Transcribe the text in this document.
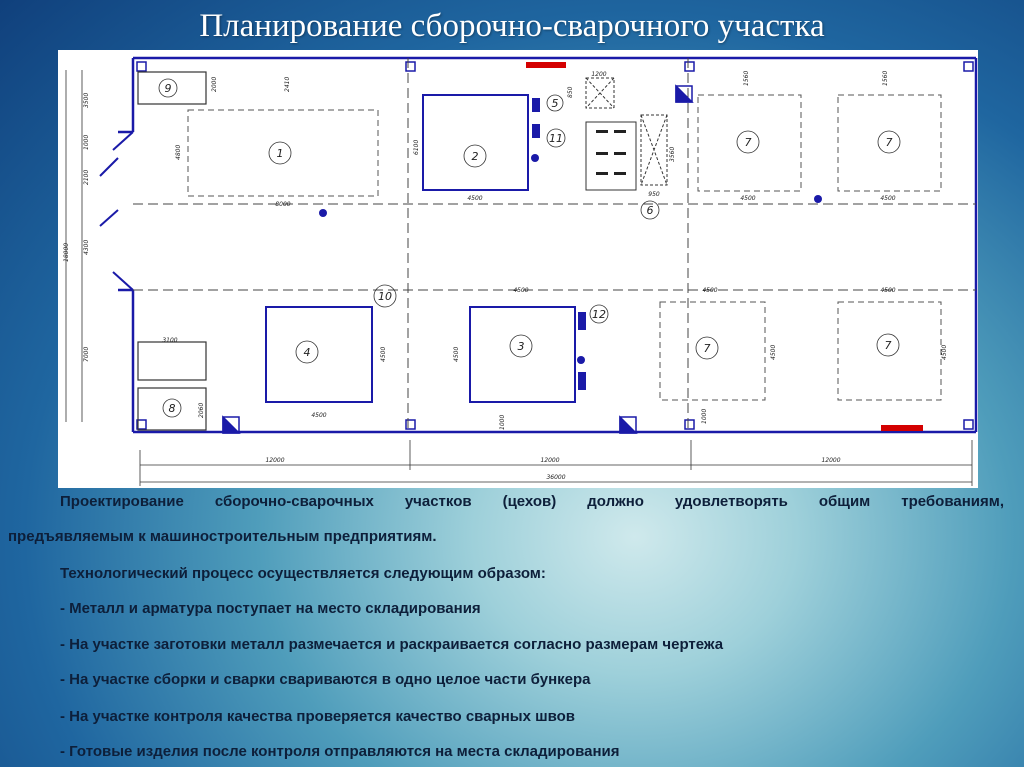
Планирование сборочно-сварочного участка
1	2
3
4
5
6
7	7
7	7
8
9
10
11
12
12000	12000	12000
36000
4500	4500	4500
4500
4500	4500	4500
3100
8000
1200
950
3500
1000
2100
4300
7000
18000
2410
2000
4800
1560	1560
6100
4500	4500	4500	4500
2060	1000
1000
850
3560
Проектирование сборочно-сварочных участков (цехов) должно удовлетворять общим требованиям,
предъявляемым к машиностроительным предприятиям.
Технологический процесс осуществляется следующим образом:
- Металл и арматура поступает на место складирования
- На участке заготовки металл размечается и раскраивается согласно размерам чертежа
- На участке сборки и сварки свариваются в одно целое части бункера
- На участке контроля качества проверяется качество сварных швов
- Готовые изделия после контроля отправляются на места складирования
